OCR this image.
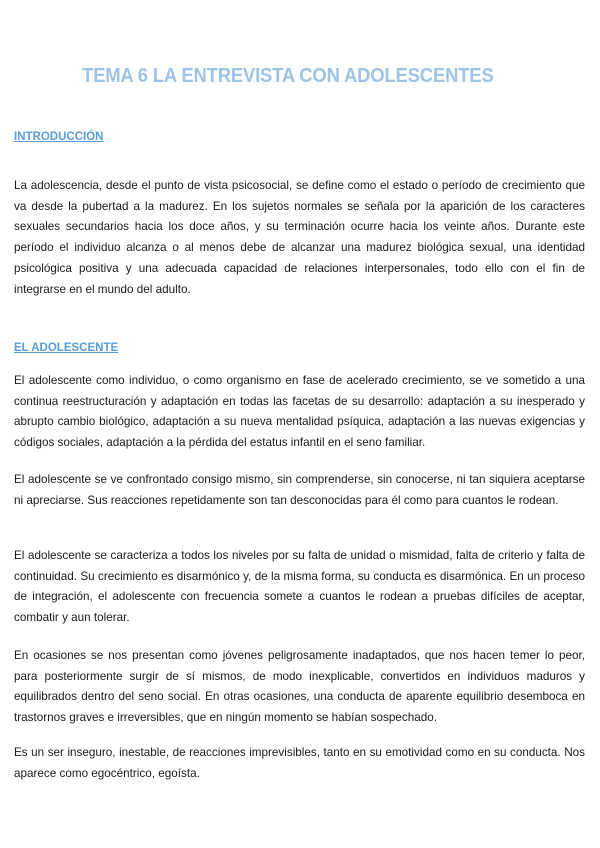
TEMA 6 LA ENTREVISTA CON ADOLESCENTES
INTRODUCCIÓN

La adolescencia, desde el punto de vista psicosocial, se define como el estado o período de crecimiento que va desde la pubertad a la madurez. En los sujetos normales se señala por la aparición de los caracteres sexuales secundarios hacia los doce años, y su terminación ocurre hacia los veinte años. Durante este período el individuo alcanza o al menos debe de alcanzar una madurez biológica sexual, una identidad psicológica positiva y una adecuada capacidad de relaciones interpersonales, todo ello con el fin de integrarse en el mundo del adulto.

EL ADOLESCENTE

El adolescente como individuo, o como organismo en fase de acelerado crecimiento, se ve sometido a una continua reestructuración y adaptación en todas las facetas de su desarrollo: adaptación a su inesperado y abrupto cambio biológico, adaptación a su nueva mentalidad psíquica, adaptación a las nuevas exigencias y códigos sociales, adaptación a la pérdida del estatus infantil en el seno familiar.

El adolescente se ve confrontado consigo mismo, sin comprenderse, sin conocerse, ni tan siquiera aceptarse ni apreciarse. Sus reacciones repetidamente son tan desconocidas para él como para cuantos le rodean.

El adolescente se caracteriza a todos los niveles por su falta de unidad o mismidad, falta de criterio y falta de continuidad. Su crecimiento es disarmónico y, de la misma forma, su conducta es disarmónica. En un proceso de integración, el adolescente con frecuencia somete a cuantos le rodean a pruebas difíciles de aceptar, combatir y aun tolerar.

En ocasiones se nos presentan como jóvenes peligrosamente inadaptados, que nos hacen temer lo peor, para posteriormente surgir de sí mismos, de modo inexplicable, convertidos en individuos maduros y equilibrados dentro del seno social. En otras ocasiones, una conducta de aparente equilibrio desemboca en trastornos graves e irreversibles, que en ningún momento se habían sospechado.

Es un ser inseguro, inestable, de reacciones imprevisibles, tanto en su emotividad como en su conducta. Nos aparece como egocéntrico, egoísta.
